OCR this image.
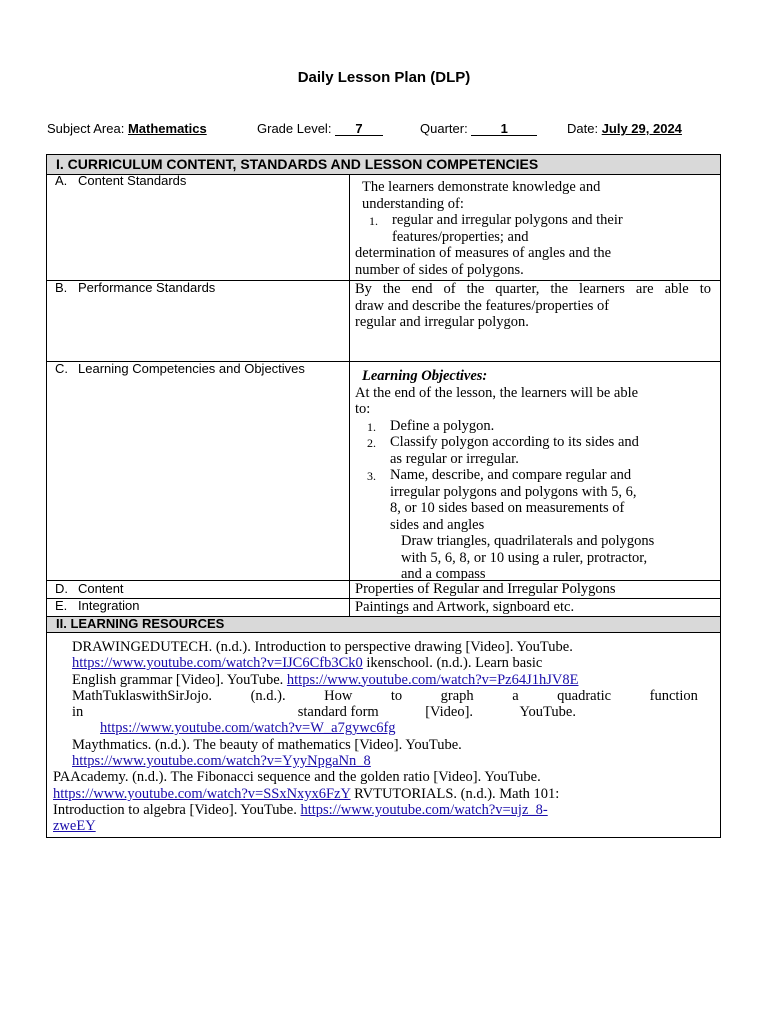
Daily Lesson Plan (DLP)
Subject Area: Mathematics	Grade Level: 7	Quarter: 1	Date: July 29, 2024
I. CURRICULUM CONTENT, STANDARDS AND LESSON COMPETENCIES
A. Content Standards	The learners demonstrate knowledge and
understanding of:
1. regular and irregular polygons and their
features/properties; and
determination of measures of angles and the
number of sides of polygons.
B. Performance Standards	By the end of the quarter, the learners are able to
draw and describe the features/properties of
regular and irregular polygon.
C. Learning Competencies and Objectives	Learning Objectives:
At the end of the lesson, the learners will be able
to:
1. Define a polygon.
2. Classify polygon according to its sides and
as regular or irregular.
3. Name, describe, and compare regular and
irregular polygons and polygons with 5, 6,
8, or 10 sides based on measurements of
sides and angles
Draw triangles, quadrilaterals and polygons
with 5, 6, 8, or 10 using a ruler, protractor,
and a compass
D. Content	Properties of Regular and Irregular Polygons
E. Integration	Paintings and Artwork, signboard etc.
II. LEARNING RESOURCES
DRAWINGEDUTECH. (n.d.). Introduction to perspective drawing [Video]. YouTube.
https://www.youtube.com/watch?v=IJC6Cfb3Ck0 ikenschool. (n.d.). Learn basic
English grammar [Video]. YouTube. https://www.youtube.com/watch?v=Pz64J1hJV8E
MathTuklaswithSirJojo.	(n.d.).	How	to	graph	a	quadratic	function
in	standard form	[Video].	YouTube.
https://www.youtube.com/watch?v=W_a7gywc6fg
Maythmatics. (n.d.). The beauty of mathematics [Video]. YouTube.
https://www.youtube.com/watch?v=YyyNpgaNn_8
PAAcademy. (n.d.). The Fibonacci sequence and the golden ratio [Video]. YouTube.
https://www.youtube.com/watch?v=SSxNxyx6FzY RVTUTORIALS. (n.d.). Math 101:
Introduction to algebra [Video]. YouTube. https://www.youtube.com/watch?v=ujz_8-
zweEY
